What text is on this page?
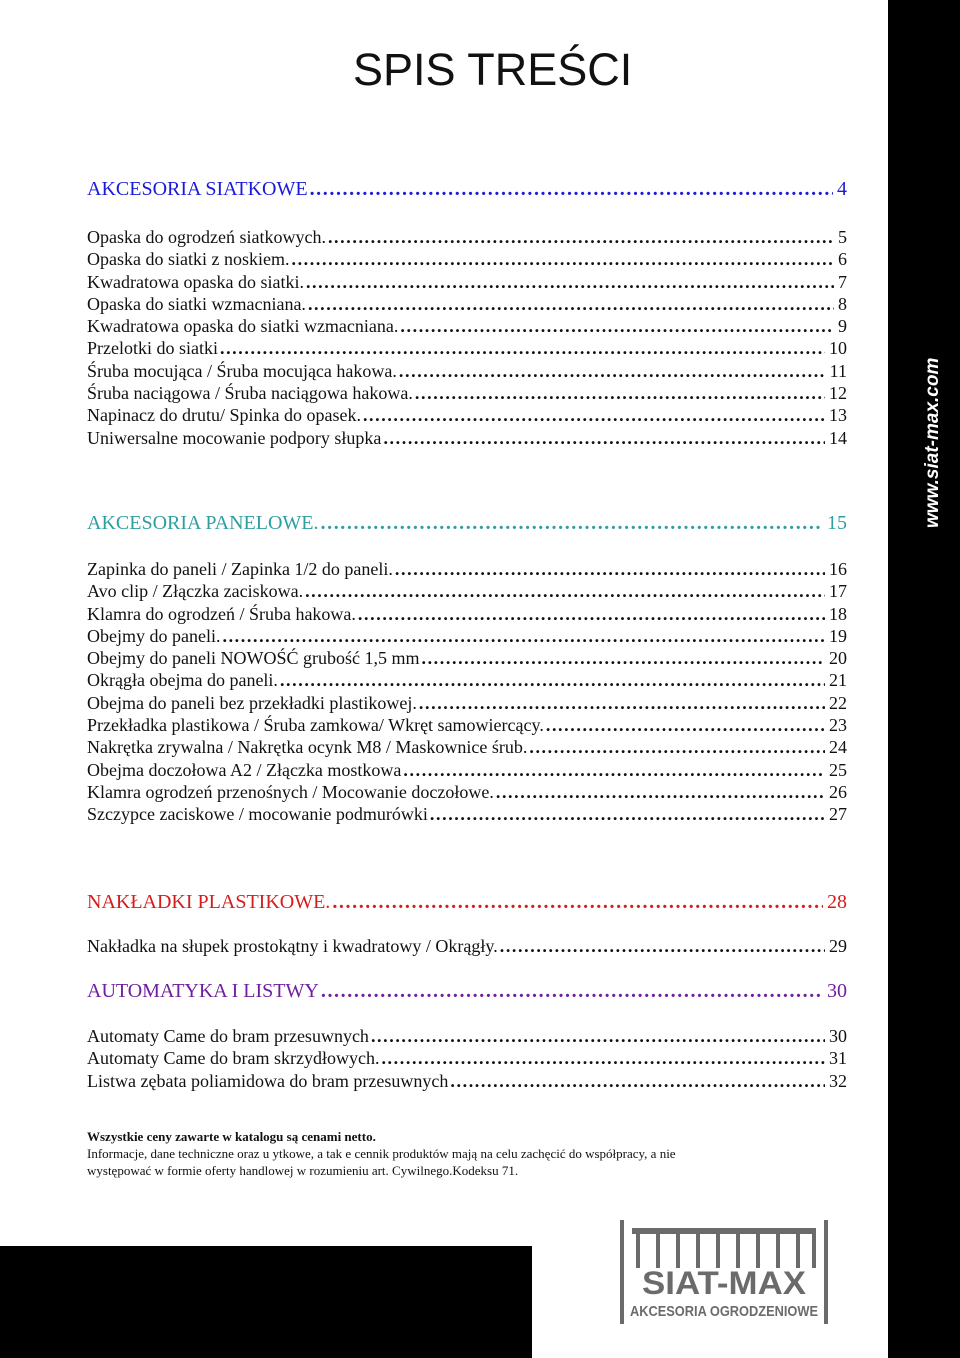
www.siat-max.com
SPIS TREŚCI
AKCESORIA SIATKOWE .....	4
Opaska do ogrodzeń siatkowych. .....	5
Opaska do siatki z noskiem. .....	6
Kwadratowa opaska do siatki. .....	7
Opaska do siatki wzmacniana. .....	8
Kwadratowa opaska do siatki wzmacniana. .....	9
Przelotki do siatki .....	10
Śruba mocująca / Śruba mocująca hakowa. .....	11
Śruba naciągowa / Śruba naciągowa hakowa. .....	12
Napinacz do drutu/ Spinka do opasek. .....	13
Uniwersalne mocowanie podpory słupka .....	14
AKCESORIA PANELOWE. .....	15
Zapinka do paneli / Zapinka 1/2 do paneli. .....	16
Avo clip / Złączka zaciskowa. .....	17
Klamra do ogrodzeń / Śruba hakowa. .....	18
Obejmy do paneli. .....	19
Obejmy do paneli NOWOŚĆ grubość 1,5 mm .....	20
Okrągła obejma do paneli. .....	21
Obejma do paneli bez przekładki plastikowej. .....	22
Przekładka plastikowa / Śruba zamkowa/ Wkręt samowiercący. .....	23
Nakrętka zrywalna / Nakrętka ocynk M8 / Maskownice śrub. .....	24
Obejma doczołowa A2 / Złączka mostkowa .....	25
Klamra ogrodzeń przenośnych / Mocowanie doczołowe. .....	26
Szczypce zaciskowe / mocowanie podmurówki .....	27
NAKŁADKI PLASTIKOWE. .....	28
Nakładka na słupek prostokątny i kwadratowy / Okrągły. .....	29
AUTOMATYKA I LISTWY .....	30
Automaty Came do bram przesuwnych .....	30
Automaty Came do bram skrzydłowych. .....	31
Listwa zębata poliamidowa do bram przesuwnych .....	32
Wszystkie ceny zawarte w katalogu są cenami netto.
Informacje, dane techniczne oraz u ytkowe, a tak e cennik produktów mają na celu zachęcić do współpracy, a nie
występować w formie oferty handlowej w rozumieniu art. Cywilnego.Kodeksu 71.
SIAT-MAX
AKCESORIA OGRODZENIOWE
